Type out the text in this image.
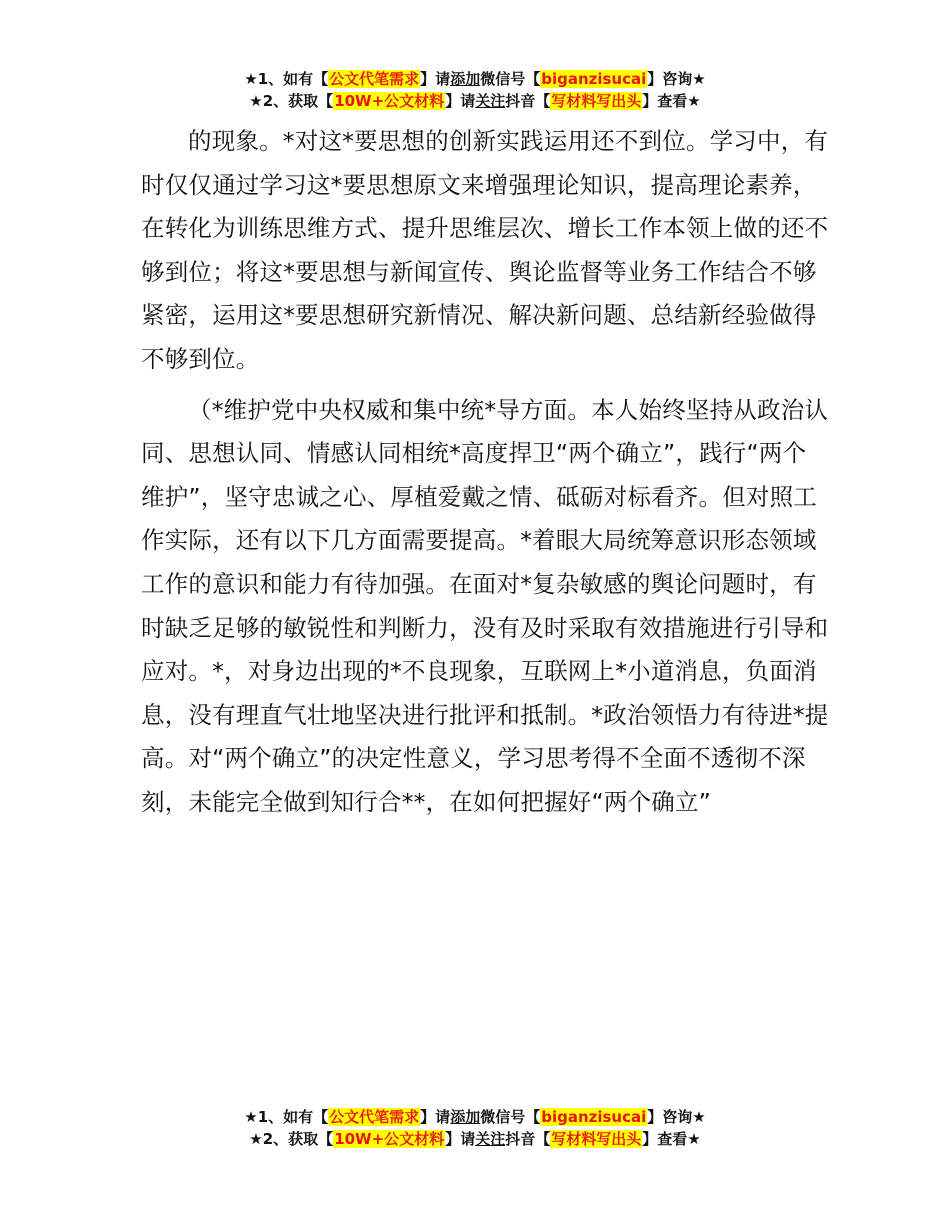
★1、如有【公文代笔需求】请添加微信号【biganzisucai】咨询★
★2、获取【10W+公文材料】请关注抖音【写材料写出头】查看★

的现象。*对这*要思想的创新实践运用还不到位。学习中，有时仅仅通过学习这*要思想原文来增强理论知识，提高理论素养，在转化为训练思维方式、提升思维层次、增长工作本领上做的还不够到位；将这*要思想与新闻宣传、舆论监督等业务工作结合不够紧密，运用这*要思想研究新情况、解决新问题、总结新经验做得不够到位。

（*维护党中央权威和集中统*导方面。本人始终坚持从政治认同、思想认同、情感认同相统*高度捍卫“两个确立”，践行“两个维护”，坚守忠诚之心、厚植爱戴之情、砥砺对标看齐。但对照工作实际，还有以下几方面需要提高。*着眼大局统筹意识形态领域工作的意识和能力有待加强。在面对*复杂敏感的舆论问题时，有时缺乏足够的敏锐性和判断力，没有及时采取有效措施进行引导和应对。*，对身边出现的*不良现象，互联网上*小道消息，负面消息，没有理直气壮地坚决进行批评和抵制。*政治领悟力有待进*提高。对“两个确立”的决定性意义，学习思考得不全面不透彻不深刻，未能完全做到知行合**，在如何把握好“两个确立”

★1、如有【公文代笔需求】请添加微信号【biganzisucai】咨询★
★2、获取【10W+公文材料】请关注抖音【写材料写出头】查看★
